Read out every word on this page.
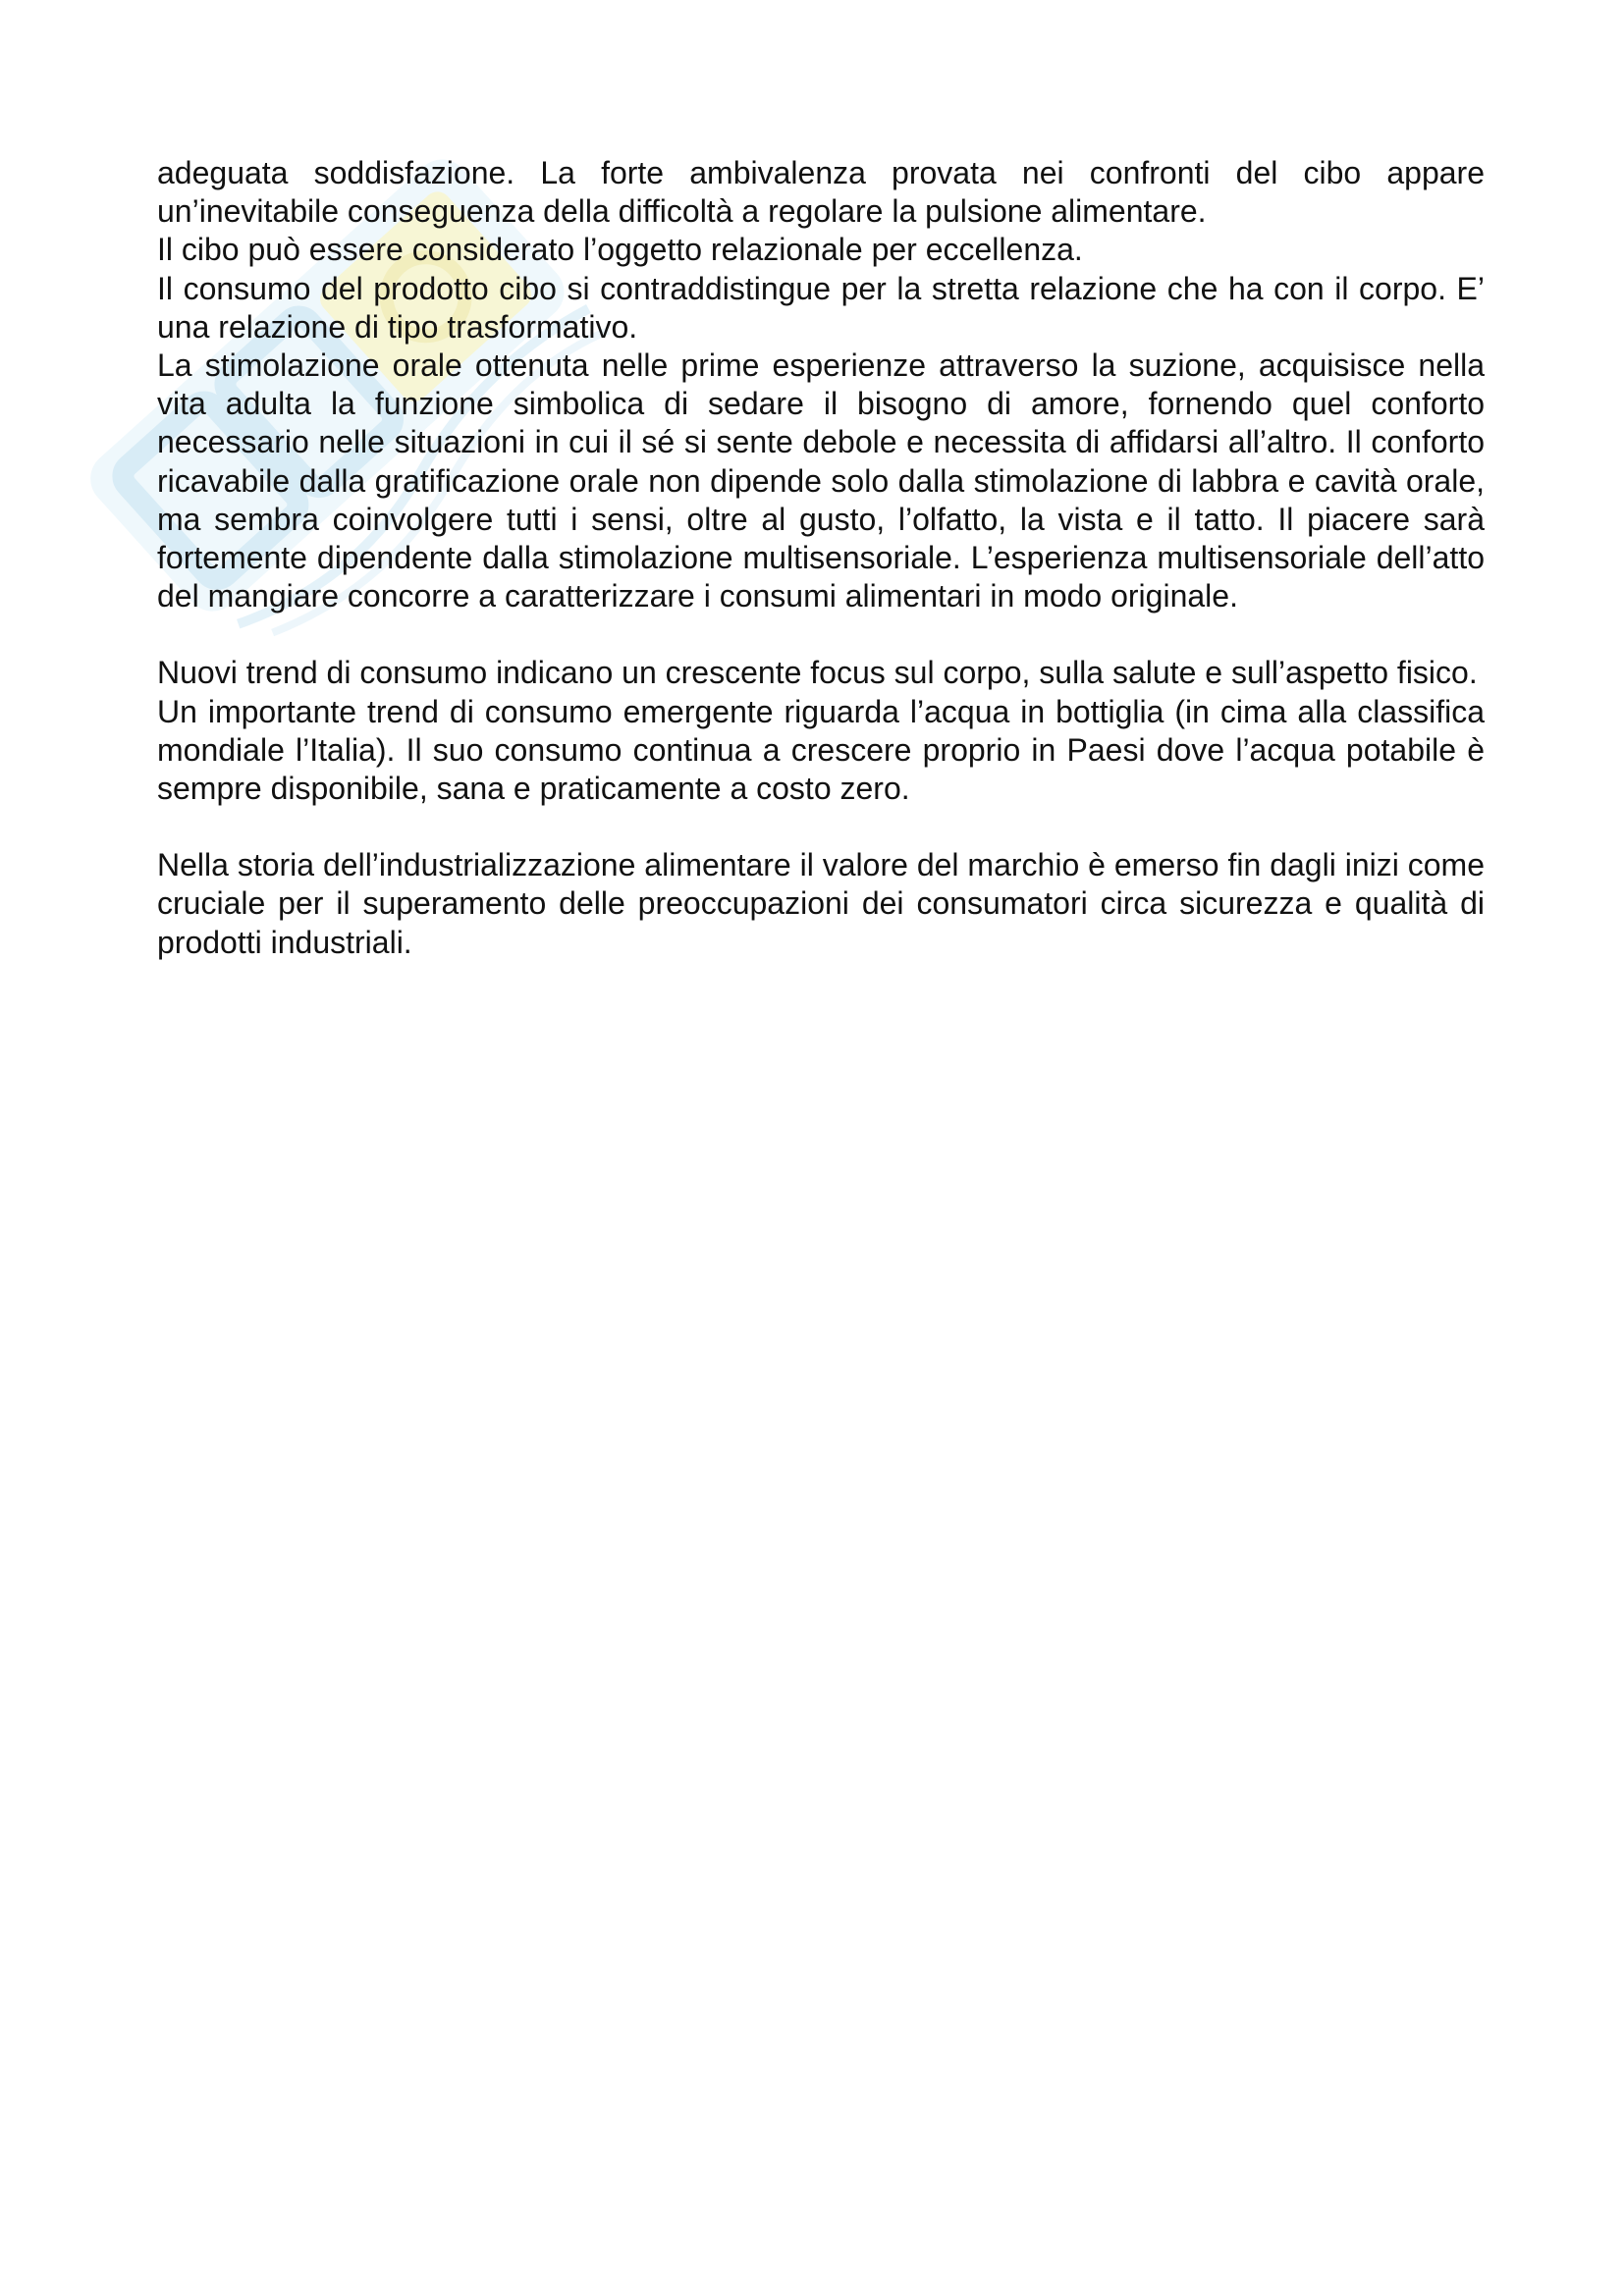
adeguata soddisfazione. La forte ambivalenza provata nei confronti del cibo appare un’inevitabile conseguenza della difficoltà a regolare la pulsione alimentare.

Il cibo può essere considerato l’oggetto relazionale per eccellenza.

Il consumo del prodotto cibo si contraddistingue per la stretta relazione che ha con il corpo. E’ una relazione di tipo trasformativo.

La stimolazione orale ottenuta nelle prime esperienze attraverso la suzione, acquisisce nella vita adulta la funzione simbolica di sedare il bisogno di amore, fornendo quel conforto necessario nelle situazioni in cui il sé si sente debole e necessita di affidarsi all’altro. Il conforto ricavabile dalla gratificazione orale non dipende solo dalla stimolazione di labbra e cavità orale, ma sembra coinvolgere tutti i sensi, oltre al gusto, l’olfatto, la vista e il tatto. Il piacere sarà fortemente dipendente dalla stimolazione multisensoriale. L’esperienza multisensoriale dell’atto del mangiare concorre a caratterizzare i consumi alimentari in modo originale.

Nuovi trend di consumo indicano un crescente focus sul corpo, sulla salute e sull’aspetto fisico.

Un importante trend di consumo emergente riguarda l’acqua in bottiglia (in cima alla classifica mondiale l’Italia). Il suo consumo continua a crescere proprio in Paesi dove l’acqua potabile è sempre disponibile, sana e praticamente a costo zero.

Nella storia dell’industrializzazione alimentare il valore del marchio è emerso fin dagli inizi come cruciale per il superamento delle preoccupazioni dei consumatori circa sicurezza e qualità di prodotti industriali.
